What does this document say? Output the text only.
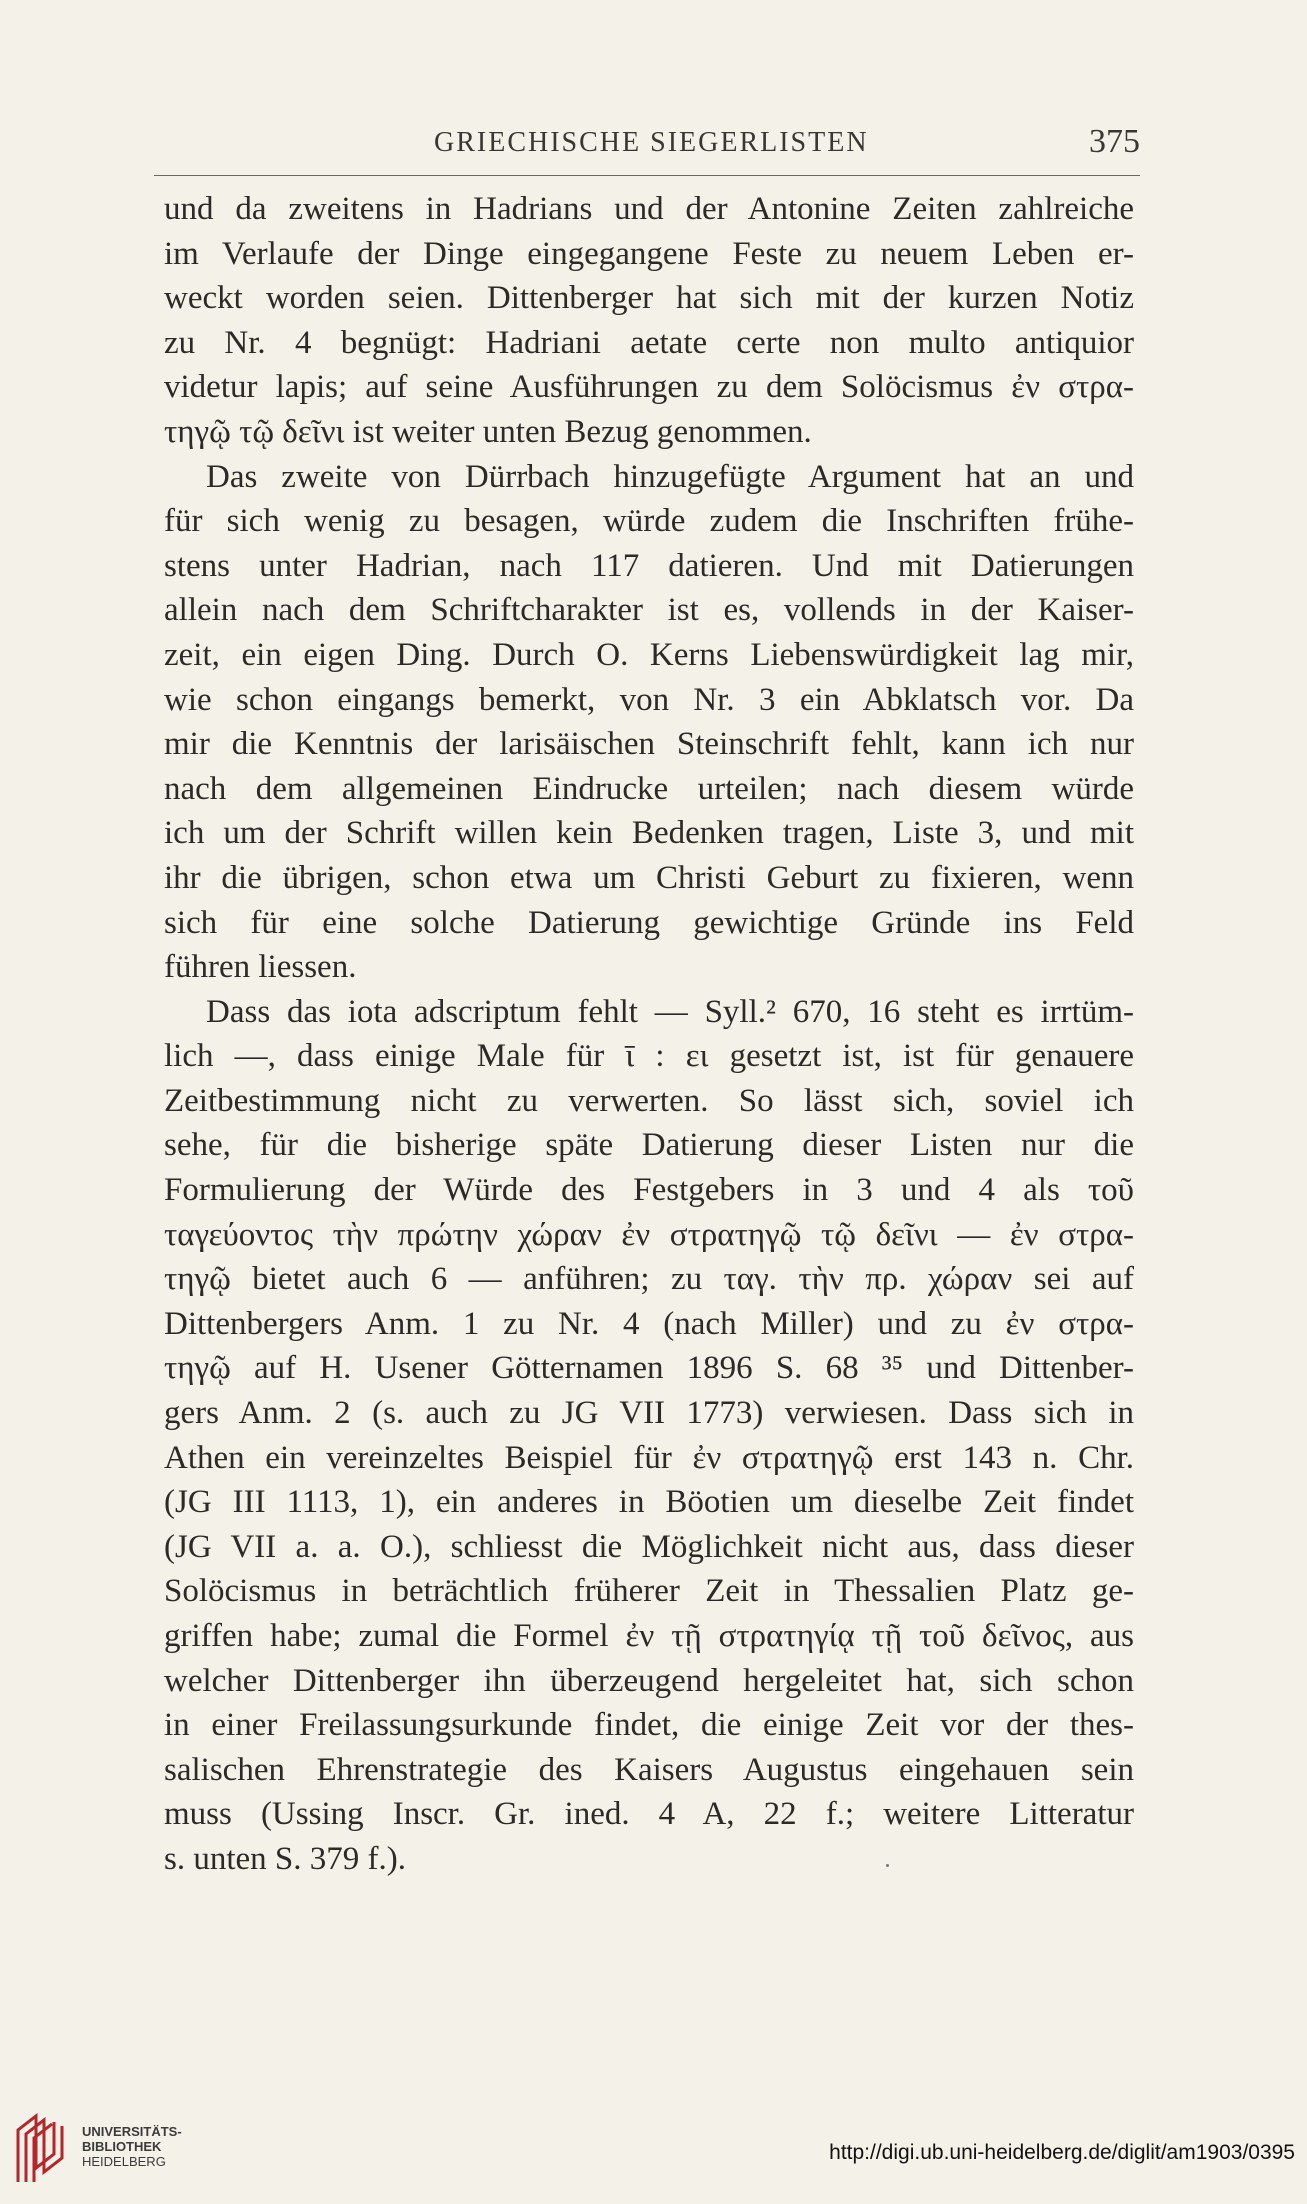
GRIECHISCHE SIEGERLISTEN	375
und da zweitens in Hadrians und der Antonine Zeiten zahlreiche
im Verlaufe der Dinge eingegangene Feste zu neuem Leben er-
weckt worden seien. Dittenberger hat sich mit der kurzen Notiz
zu Nr. 4 begnügt: Hadriani aetate certe non multo antiquior
videtur lapis; auf seine Ausführungen zu dem Solöcismus ἐν στρα-
τηγῷ τῷ δεῖνι ist weiter unten Bezug genommen.
Das zweite von Dürrbach hinzugefügte Argument hat an und
für sich wenig zu besagen, würde zudem die Inschriften frühe-
stens unter Hadrian, nach 117 datieren. Und mit Datierungen
allein nach dem Schriftcharakter ist es, vollends in der Kaiser-
zeit, ein eigen Ding. Durch O. Kerns Liebenswürdigkeit lag mir,
wie schon eingangs bemerkt, von Nr. 3 ein Abklatsch vor. Da
mir die Kenntnis der larisäischen Steinschrift fehlt, kann ich nur
nach dem allgemeinen Eindrucke urteilen; nach diesem würde
ich um der Schrift willen kein Bedenken tragen, Liste 3, und mit
ihr die übrigen, schon etwa um Christi Geburt zu fixieren, wenn
sich für eine solche Datierung gewichtige Gründe ins Feld
führen liessen.
Dass das iota adscriptum fehlt — Syll.² 670, 16 steht es irrtüm-
lich —, dass einige Male für ῑ : ει gesetzt ist, ist für genauere
Zeitbestimmung nicht zu verwerten. So lässt sich, soviel ich
sehe, für die bisherige späte Datierung dieser Listen nur die
Formulierung der Würde des Festgebers in 3 und 4 als τοῦ
ταγεύοντος τὴν πρώτην χώραν ἐν στρατηγῷ τῷ δεῖνι — ἐν στρα-
τηγῷ bietet auch 6 — anführen; zu ταγ. τὴν πρ. χώραν sei auf
Dittenbergers Anm. 1 zu Nr. 4 (nach Miller) und zu ἐν στρα-
τηγῷ auf H. Usener Götternamen 1896 S. 68 ³⁵ und Dittenber-
gers Anm. 2 (s. auch zu JG VII 1773) verwiesen. Dass sich in
Athen ein vereinzeltes Beispiel für ἐν στρατηγῷ erst 143 n. Chr.
(JG III 1113, 1), ein anderes in Böotien um dieselbe Zeit findet
(JG VII a. a. O.), schliesst die Möglichkeit nicht aus, dass dieser
Solöcismus in beträchtlich früherer Zeit in Thessalien Platz ge-
griffen habe; zumal die Formel ἐν τῇ στρατηγίᾳ τῇ τοῦ δεῖνος, aus
welcher Dittenberger ihn überzeugend hergeleitet hat, sich schon
in einer Freilassungsurkunde findet, die einige Zeit vor der thes-
salischen Ehrenstrategie des Kaisers Augustus eingehauen sein
muss (Ussing Inscr. Gr. ined. 4 A, 22 f.; weitere Litteratur
s. unten S. 379 f.).
UNIVERSITÄTS-
BIBLIOTHEK
HEIDELBERG	http://digi.ub.uni-heidelberg.de/diglit/am1903/0395
